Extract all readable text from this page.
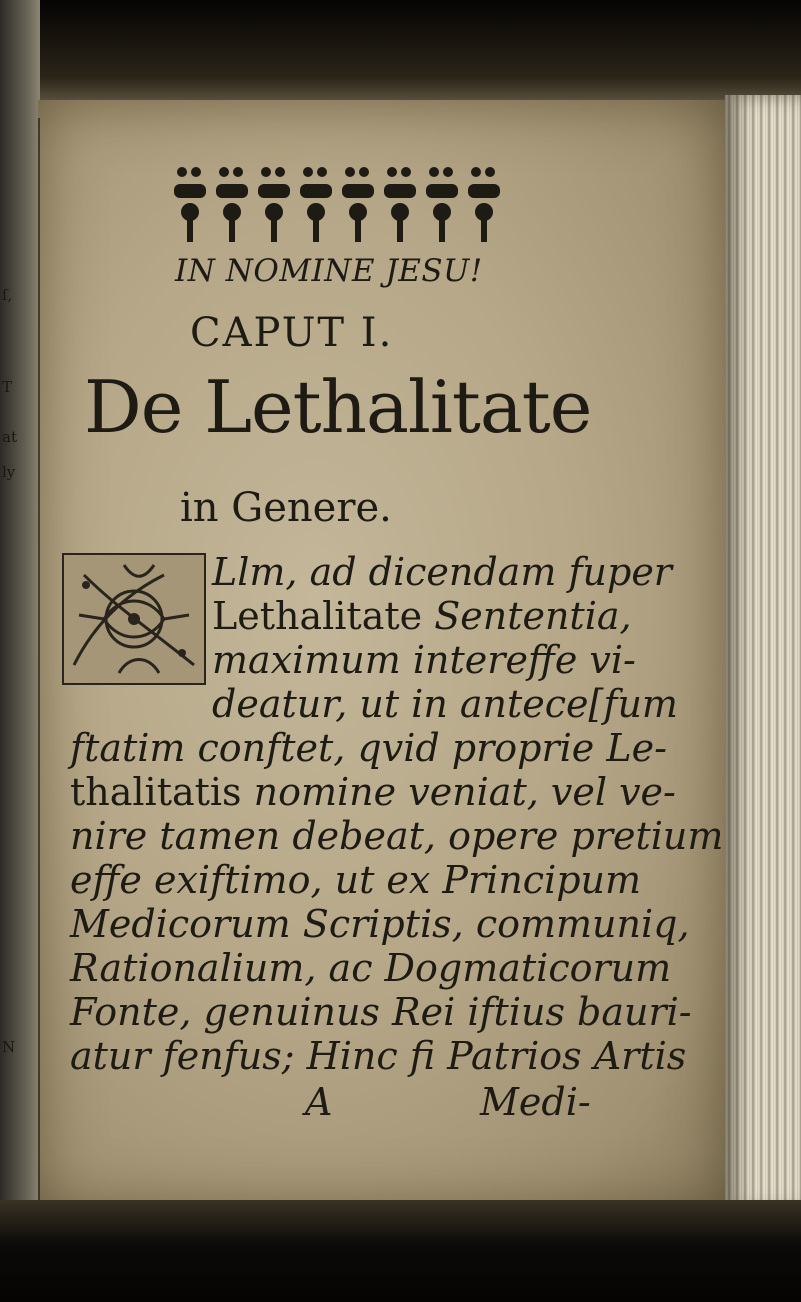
ſ,
T
at
ly
N
IN NOMINE JESU!
CAPUT I.
De Lethalitate
in Genere.
Llm, ad dicendam fuper
Lethalitate Sententia,
maximum intereffe vi-
deatur, ut in antece[fum
ftatim conftet, qvid proprie Le-
thalitatis nomine veniat, vel ve-
nire tamen debeat, opere pretium
effe exiftimo, ut ex Principum
Medicorum Scriptis, communiq,
Rationalium, ac Dogmaticorum
Fonte, genuinus Rei iftius bauri-
atur fenfus; Hinc fi Patrios Artis
A	Medi-
